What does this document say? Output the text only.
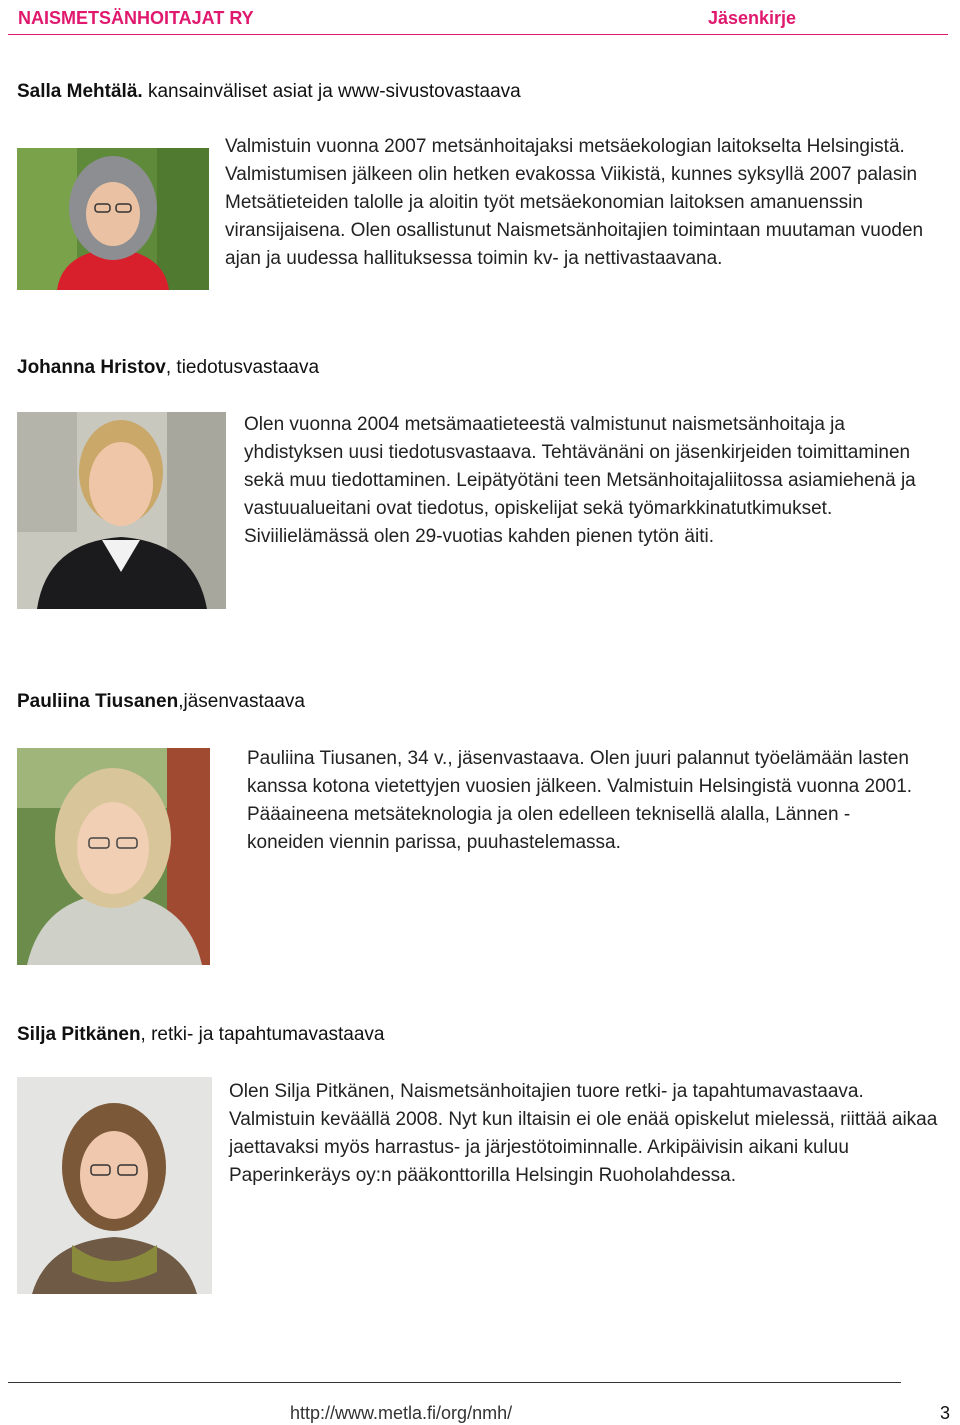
NAISMETSÄNHOITAJAT RY	Jäsenkirje
Salla Mehtälä. kansainväliset asiat ja www-sivustovastaava

Valmistuin vuonna 2007 metsänhoitajaksi metsäekologian laitokselta Helsingistä. Valmistumisen jälkeen olin hetken evakossa Viikistä, kunnes syksyllä 2007 palasin Metsätieteiden talolle ja aloitin työt metsäekonomian laitoksen amanuenssin viransijaisena. Olen osallistunut Naismetsänhoitajien toimintaan muutaman vuoden ajan ja uudessa hallituksessa toimin kv- ja nettivastaavana.

Johanna Hristov, tiedotusvastaava

Olen vuonna 2004 metsämaatieteestä valmistunut naismetsänhoitaja ja yhdistyksen uusi tiedotusvastaava. Tehtävänäni on jäsenkirjeiden toimittaminen sekä muu tiedottaminen. Leipätyötäni teen Metsänhoitajaliitossa asiamiehenä ja vastuualueitani ovat tiedotus, opiskelijat sekä työmarkkinatutkimukset. Siviilielämässä olen 29-vuotias kahden pienen tytön äiti.

Pauliina Tiusanen,jäsenvastaava

Pauliina Tiusanen, 34 v., jäsenvastaava. Olen juuri palannut työelämään lasten kanssa kotona vietettyjen vuosien jälkeen. Valmistuin Helsingistä vuonna 2001. Pääaineena metsäteknologia ja olen edelleen teknisellä alalla, Lännen -koneiden viennin parissa, puuhastelemassa.

Silja Pitkänen, retki- ja tapahtumavastaava

Olen Silja Pitkänen, Naismetsänhoitajien tuore retki- ja tapahtumavastaava. Valmistuin keväällä 2008. Nyt kun iltaisin ei ole enää opiskelut mielessä, riittää aikaa jaettavaksi myös harrastus- ja järjestötoiminnalle. Arkipäivisin aikani kuluu Paperinkeräys oy:n pääkonttorilla Helsingin Ruoholahdessa.

http://www.metla.fi/org/nmh/	3
